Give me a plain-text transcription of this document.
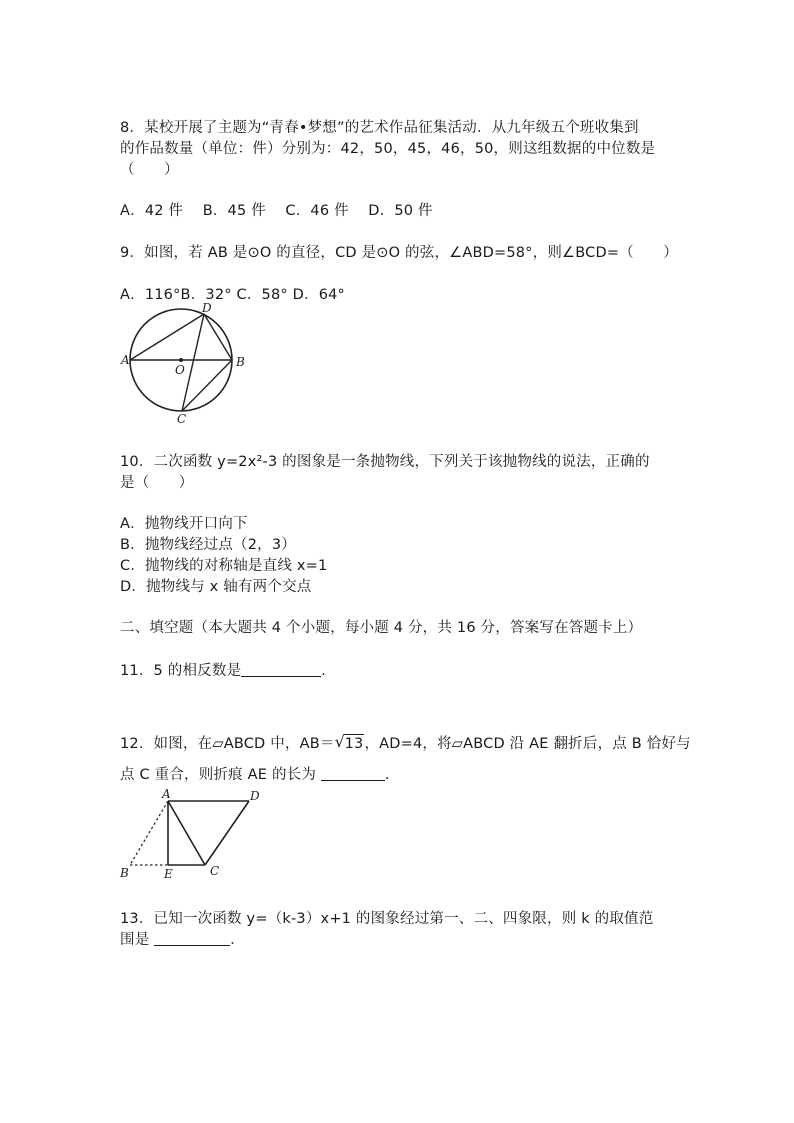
8．某校开展了主题为“青春•梦想”的艺术作品征集活动．从九年级五个班收集到
的作品数量（单位：件）分别为：42，50，45，46，50，则这组数据的中位数是
（　　）
A．42 件　 B．45 件　 C．46 件　 D．50 件
9．如图，若 AB 是⊙O 的直径，CD 是⊙O 的弦，∠ABD=58°，则∠BCD=（　　）
A．116°B．32° C．58° D．64°
A	B
C
D
O
10．二次函数 y=2x²-3 的图象是一条抛物线，下列关于该抛物线的说法，正确的
是（　　）
A．抛物线开口向下
B．抛物线经过点（2，3）
C．抛物线的对称轴是直线 x=1
D．抛物线与 x 轴有两个交点
二、填空题（本大题共 4 个小题，每小题 4 分，共 16 分，答案写在答题卡上）
11．5 的相反数是	．
12．如图，在▱ABCD 中，AB＝ √ 13，AD=4，将▱ABCD 沿 AE 翻折后，点 B 恰好与
点 C 重合，则折痕 AE 的长为	．
A
B	C
D
E
13．已知一次函数 y=（k-3）x+1 的图象经过第一、二、四象限，则 k 的取值范
围是	．
